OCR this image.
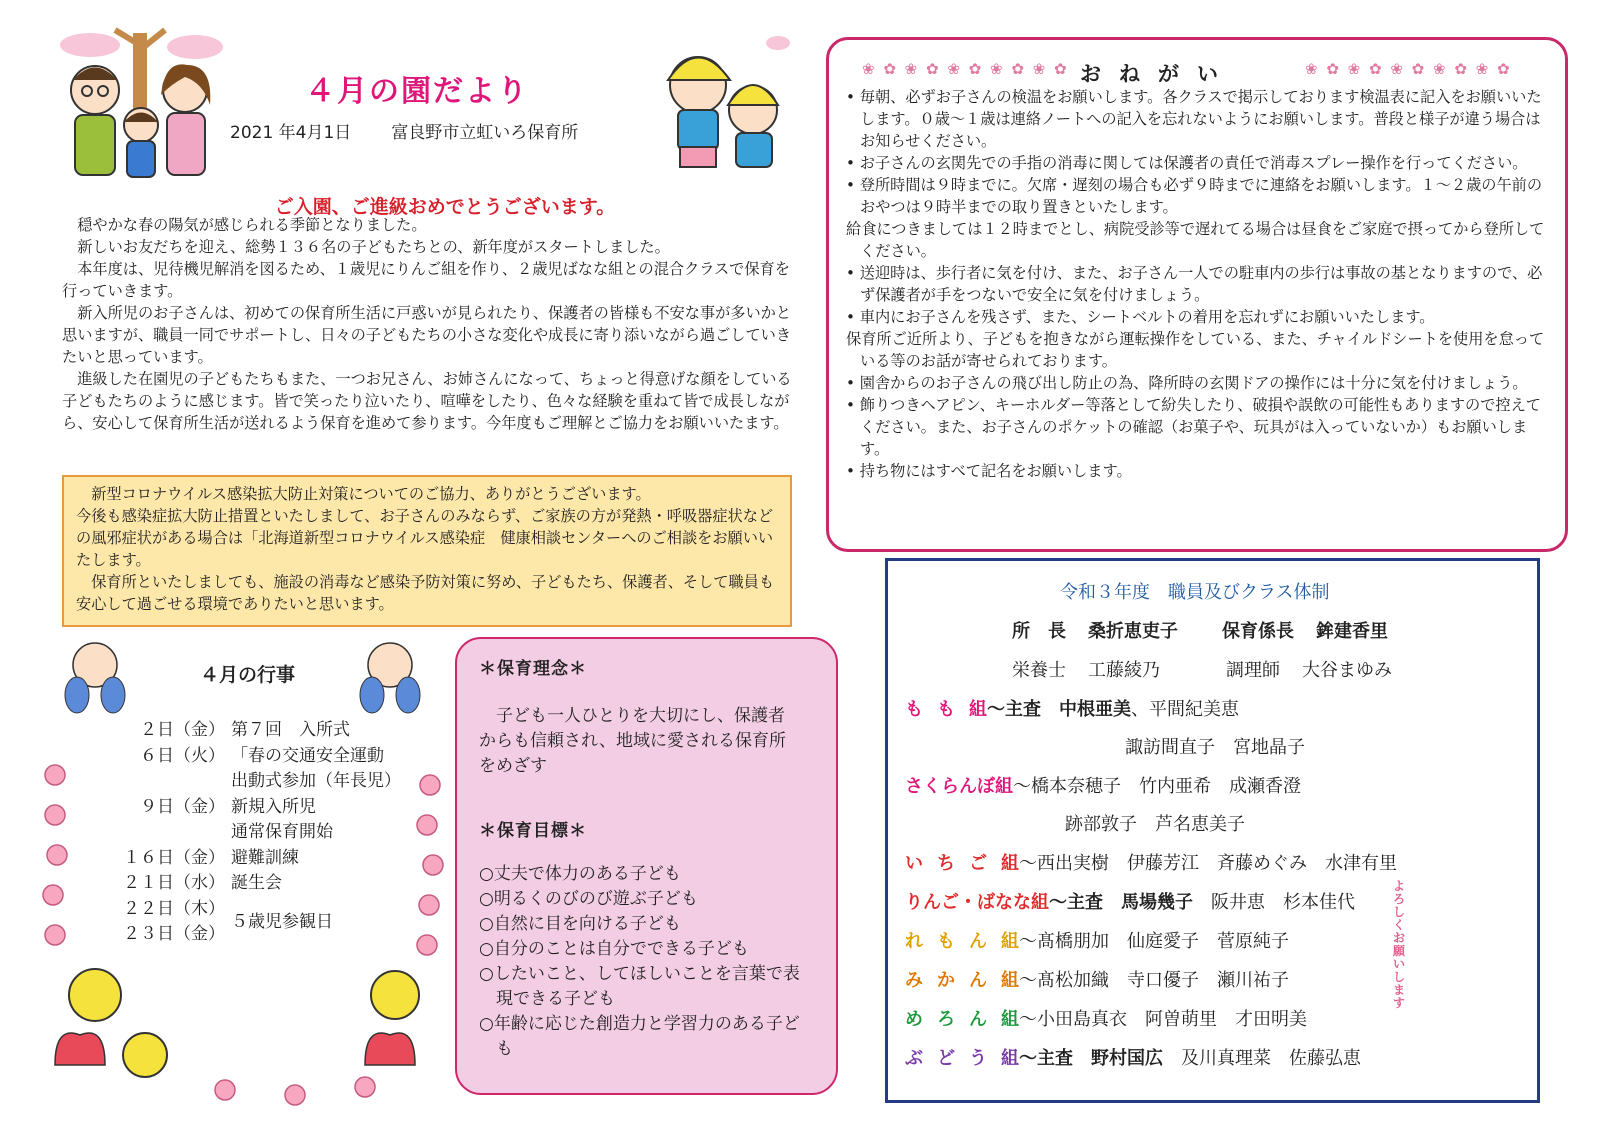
４月の園だより
2021 年4月1日 富良野市立虹いろ保育所
ご入園、ご進級おめでとうございます。

穏やかな春の陽気が感じられる季節となりました。

新しいお友だちを迎え、総勢１３６名の子どもたちとの、新年度がスタートしました。

本年度は、児待機児解消を図るため、１歳児にりんご組を作り、２歳児ばなな組との混合クラスで保育を行っていきます。

新入所児のお子さんは、初めての保育所生活に戸惑いが見られたり、保護者の皆様も不安な事が多いかと思いますが、職員一同でサポートし、日々の子どもたちの小さな変化や成長に寄り添いながら過ごしていきたいと思っています。

進級した在園児の子どもたちもまた、一つお兄さん、お姉さんになって、ちょっと得意げな顔をしている子どもたちのように感じます。皆で笑ったり泣いたり、喧嘩をしたり、色々な経験を重ねて皆で成長しながら、安心して保育所生活が送れるよう保育を進めて参ります。今年度もご理解とご協力をお願いいたます。

新型コロナウイルス感染拡大防止対策についてのご協力、ありがとうございます。

今後も感染症拡大防止措置といたしまして、お子さんのみならず、ご家族の方が発熱・呼吸器症状などの風邪症状がある場合は「北海道新型コロナウイルス感染症　健康相談センターへのご相談をお願いいたします。

保育所といたしましても、施設の消毒など感染予防対策に努め、子どもたち、保護者、そして職員も安心して過ごせる環境でありたいと思います。

４月の行事
２日（金） 第７回　入所式
６日（火） 「春の交通安全運動
出動式参加（年長児）
９日（金） 新規入所児
通常保育開始
１６日（金） 避難訓練
２１日（水） 誕生会
２２日（木）
２３日（金）
５歳児参観日

＊保育理念＊

子ども一人ひとりを大切にし、保護者からも信頼され、地域に愛される保育所をめざす

＊保育目標＊

○丈夫で体力のある子ども
○明るくのびのび遊ぶ子ども
○自然に目を向ける子ども
○自分のことは自分でできる子ども
○したいこと、してほしいことを言葉で表現できる子ども
○年齢に応じた創造力と学習力のある子ども
❀ ✿ ❀ ✿ ❀ ✿ ❀ ✿ ❀ ✿	❀ ✿ ❀ ✿ ❀ ✿ ❀ ✿ ❀ ✿
おねがい
• 毎朝、必ずお子さんの検温をお願いします。各クラスで掲示しております検温表に記入をお願いいたします。０歳〜１歳は連絡ノートへの記入を忘れないようにお願いします。普段と様子が違う場合はお知らせください。
• お子さんの玄関先での手指の消毒に関しては保護者の責任で消毒スプレー操作を行ってください。
• 登所時間は９時までに。欠席・遅刻の場合も必ず９時までに連絡をお願いします。１〜２歳の午前のおやつは９時半までの取り置きといたします。
給食につきましては１２時までとし、病院受診等で遅れてる場合は昼食をご家庭で摂ってから登所してください。
• 送迎時は、歩行者に気を付け、また、お子さん一人での駐車内の歩行は事故の基となりますので、必ず保護者が手をつないで安全に気を付けましょう。
• 車内にお子さんを残さず、また、シートベルトの着用を忘れずにお願いいたします。
保育所ご近所より、子どもを抱きながら運転操作をしている、また、チャイルドシートを使用を怠っている等のお話が寄せられております。
• 園舎からのお子さんの飛び出し防止の為、降所時の玄関ドアの操作には十分に気を付けましょう。
• 飾りつきヘアピン、キーホルダー等落として紛失したり、破損や誤飲の可能性もありますので控えてください。また、お子さんのポケットの確認（お菓子や、玩具がは入っていないか）もお願いします。
• 持ち物にはすべて記名をお願いします。
令和３年度　職員及びクラス体制
所　長 桑折恵吏子 保育係長 鉾建香里
栄養士 工藤綾乃	調理師 大谷まゆみ
もも組〜主査　中根亜美、平間紀美恵
諏訪間直子　宮地晶子
さくらんぼ組〜橋本奈穂子　竹内亜希　成瀬香澄
跡部敦子　芦名恵美子
いちご組〜西出実樹　伊藤芳江　斉藤めぐみ　水津有里
りんご・ばなな組〜主査　馬場幾子　阪井恵　杉本佳代
れもん組〜髙橋朋加　仙庭愛子　菅原純子
みかん組〜髙松加織　寺口優子　瀬川祐子
めろん組〜小田島真衣　阿曽萌里　才田明美
ぶどう組〜主査　野村国広　及川真理菜　佐藤弘恵
よろしくお願いします
